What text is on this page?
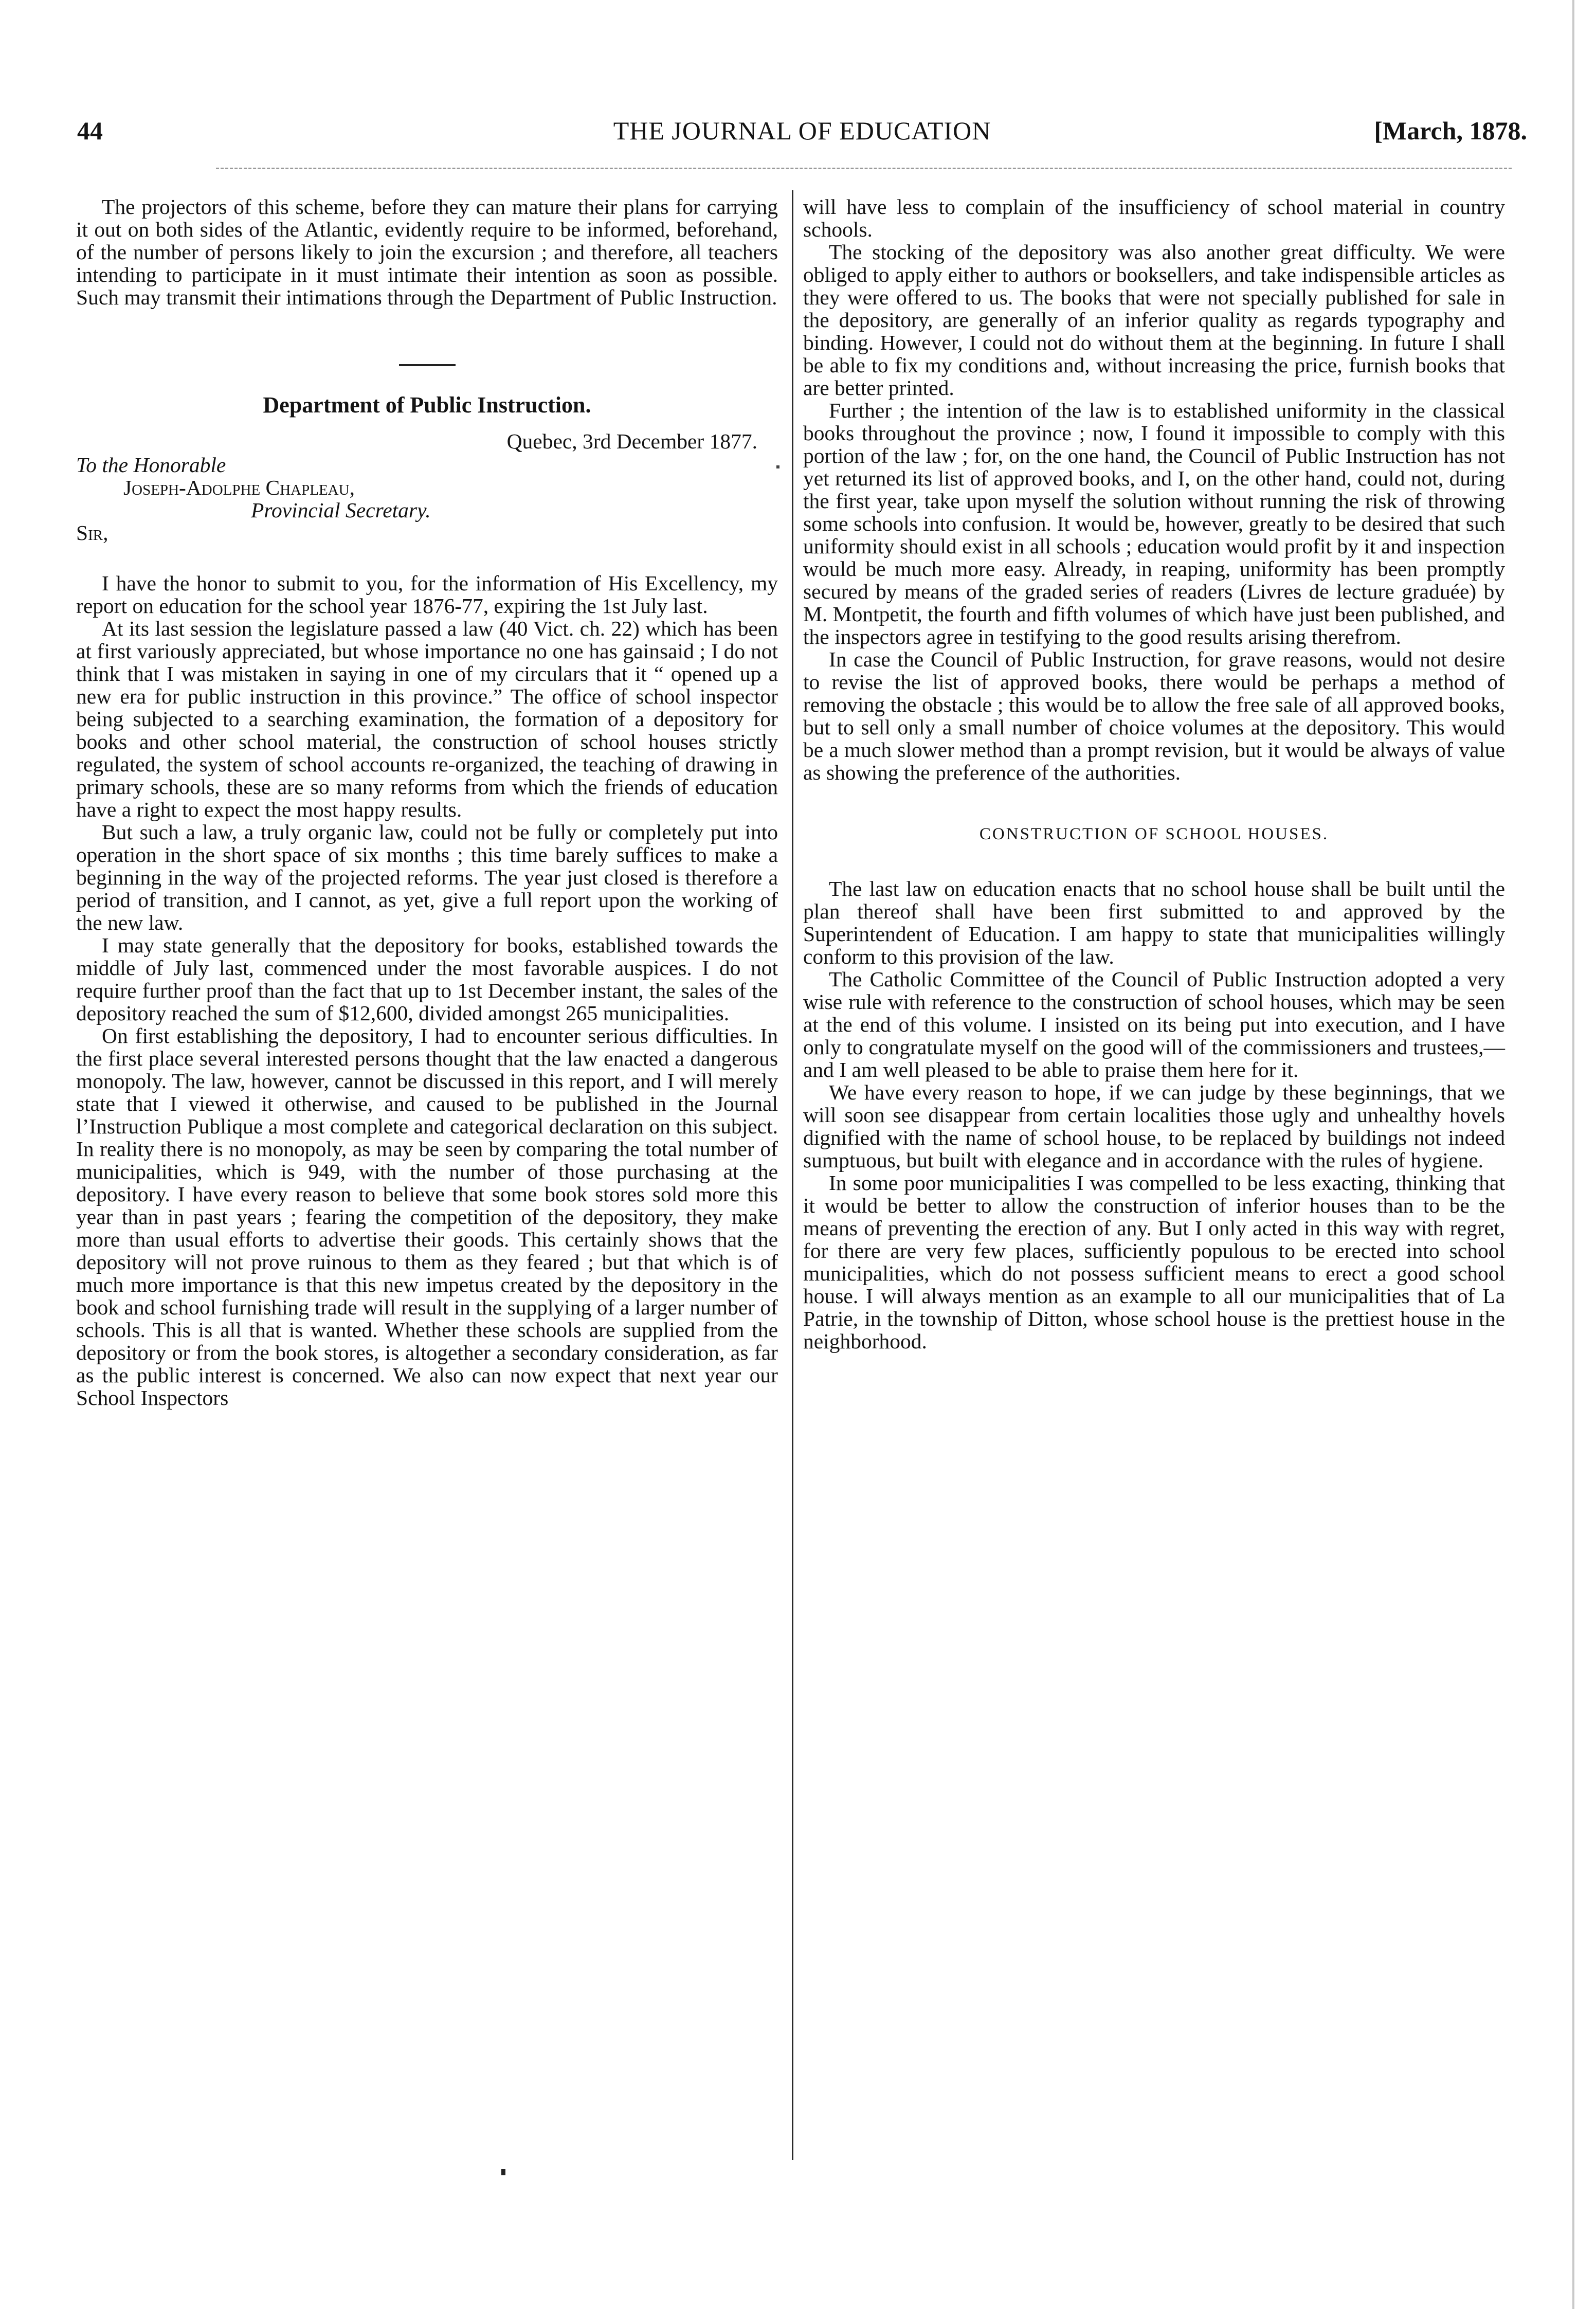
44	THE JOURNAL OF EDUCATION	[March, 1878.

The projectors of this scheme, before they can mature their plans for carrying it out on both sides of the Atlantic, evidently require to be informed, beforehand, of the number of persons likely to join the excursion ; and therefore, all teachers intending to participate in it must intimate their intention as soon as possible. Such may transmit their intimations through the Department of Public Instruction.

Department of Public Instruction.
Quebec, 3rd December 1877.
To the Honorable
Joseph-Adolphe Chapleau,
Provincial Secretary.
Sir,

I have the honor to submit to you, for the information of His Excellency, my report on education for the school year 1876-77, expiring the 1st July last.

At its last session the legislature passed a law (40 Vict. ch. 22) which has been at first variously appreciated, but whose importance no one has gainsaid ; I do not think that I was mistaken in saying in one of my circulars that it “ opened up a new era for public instruction in this province.” The office of school inspector being subjected to a searching examination, the formation of a depository for books and other school material, the construction of school houses strictly regulated, the system of school accounts re-organized, the teaching of drawing in primary schools, these are so many reforms from which the friends of education have a right to expect the most happy results.

But such a law, a truly organic law, could not be fully or completely put into operation in the short space of six months ; this time barely suffices to make a beginning in the way of the projected reforms. The year just closed is therefore a period of transition, and I cannot, as yet, give a full report upon the working of the new law.

I may state generally that the depository for books, established towards the middle of July last, commenced under the most favorable auspices. I do not require further proof than the fact that up to 1st December instant, the sales of the depository reached the sum of $12,600, divided amongst 265 municipalities.

On first establishing the depository, I had to encounter serious difficulties. In the first place several interested persons thought that the law enacted a dangerous monopoly. The law, however, cannot be discussed in this report, and I will merely state that I viewed it otherwise, and caused to be published in the Journal l’Instruction Publique a most complete and categorical declaration on this subject. In reality there is no monopoly, as may be seen by comparing the total number of municipalities, which is 949, with the number of those purchasing at the depository. I have every reason to believe that some book stores sold more this year than in past years ; fearing the competition of the depository, they make more than usual efforts to advertise their goods. This certainly shows that the depository will not prove ruinous to them as they feared ; but that which is of much more importance is that this new impetus created by the depository in the book and school furnishing trade will result in the supplying of a larger number of schools. This is all that is wanted. Whether these schools are supplied from the depository or from the book stores, is altogether a secondary consideration, as far as the public interest is concerned. We also can now expect that next year our School Inspectors

will have less to complain of the insufficiency of school material in country schools.

The stocking of the depository was also another great difficulty. We were obliged to apply either to authors or booksellers, and take indispensible articles as they were offered to us. The books that were not specially published for sale in the depository, are generally of an inferior quality as regards typography and binding. However, I could not do without them at the beginning. In future I shall be able to fix my conditions and, without increasing the price, furnish books that are better printed.

Further ; the intention of the law is to established uniformity in the classical books throughout the province ; now, I found it impossible to comply with this portion of the law ; for, on the one hand, the Council of Public Instruction has not yet returned its list of approved books, and I, on the other hand, could not, during the first year, take upon myself the solution without running the risk of throwing some schools into confusion. It would be, however, greatly to be desired that such uniformity should exist in all schools ; education would profit by it and inspection would be much more easy. Already, in reaping, uniformity has been promptly secured by means of the graded series of readers (Livres de lecture graduée) by M. Montpetit, the fourth and fifth volumes of which have just been published, and the inspectors agree in testifying to the good results arising therefrom.

In case the Council of Public Instruction, for grave reasons, would not desire to revise the list of approved books, there would be perhaps a method of removing the obstacle ; this would be to allow the free sale of all approved books, but to sell only a small number of choice volumes at the depository. This would be a much slower method than a prompt revision, but it would be always of value as showing the preference of the authorities.

CONSTRUCTION OF SCHOOL HOUSES.

The last law on education enacts that no school house shall be built until the plan thereof shall have been first submitted to and approved by the Superintendent of Education. I am happy to state that municipalities willingly conform to this provision of the law.

The Catholic Committee of the Council of Public Instruction adopted a very wise rule with reference to the construction of school houses, which may be seen at the end of this volume. I insisted on its being put into execution, and I have only to congratulate myself on the good will of the commissioners and trustees,— and I am well pleased to be able to praise them here for it.

We have every reason to hope, if we can judge by these beginnings, that we will soon see disappear from certain localities those ugly and unhealthy hovels dignified with the name of school house, to be replaced by buildings not indeed sumptuous, but built with elegance and in accordance with the rules of hygiene.

In some poor municipalities I was compelled to be less exacting, thinking that it would be better to allow the construction of inferior houses than to be the means of preventing the erection of any. But I only acted in this way with regret, for there are very few places, sufficiently populous to be erected into school municipalities, which do not possess sufficient means to erect a good school house. I will always mention as an example to all our municipalities that of La Patrie, in the township of Ditton, whose school house is the prettiest house in the neighborhood.
